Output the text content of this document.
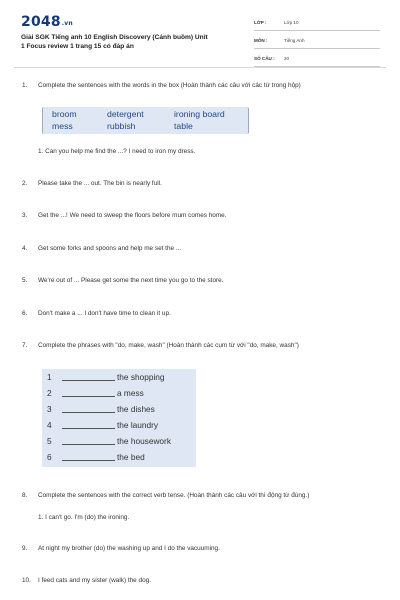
2048.vn
Giải SGK Tiếng anh 10 English Discovery (Cánh buồm) Unit
1 Focus review 1 trang 15 có đáp án
LỚP :	Lớp 10
MÔN :	Tiếng Anh
SỐ CÂU :	20
1.	Complete the sentences with the words in the box (Hoàn thành các câu với các từ trong hộp)
broom	detergent	ironing board
mess	rubbish	table
1. Can you help me find the ...? I need to iron my dress.
2.	Please take the ... out. The bin is nearly full.
3.	Get the ...! We need to sweep the floors before mum comes home.
4.	Get some forks and spoons and help me set the ...
5.	We're out of ... Please get some the next time you go to the store.
6.	Don't make a ... I don't have time to clean it up.
7.	Complete the phrases with "do, make, wash" (Hoàn thành các cụm từ với "do, make, wash")
1	the shopping
2	a mess
3	the dishes
4	the laundry
5	the housework
6	the bed
8.	Complete the sentences with the correct verb tense. (Hoàn thành các câu với thì động từ đúng.)
1. I can't go. I'm (do) the ironing.
9.	At night my brother (do) the washing up and I do the vacuuming.
10.	I feed cats and my sister (walk) the dog.
